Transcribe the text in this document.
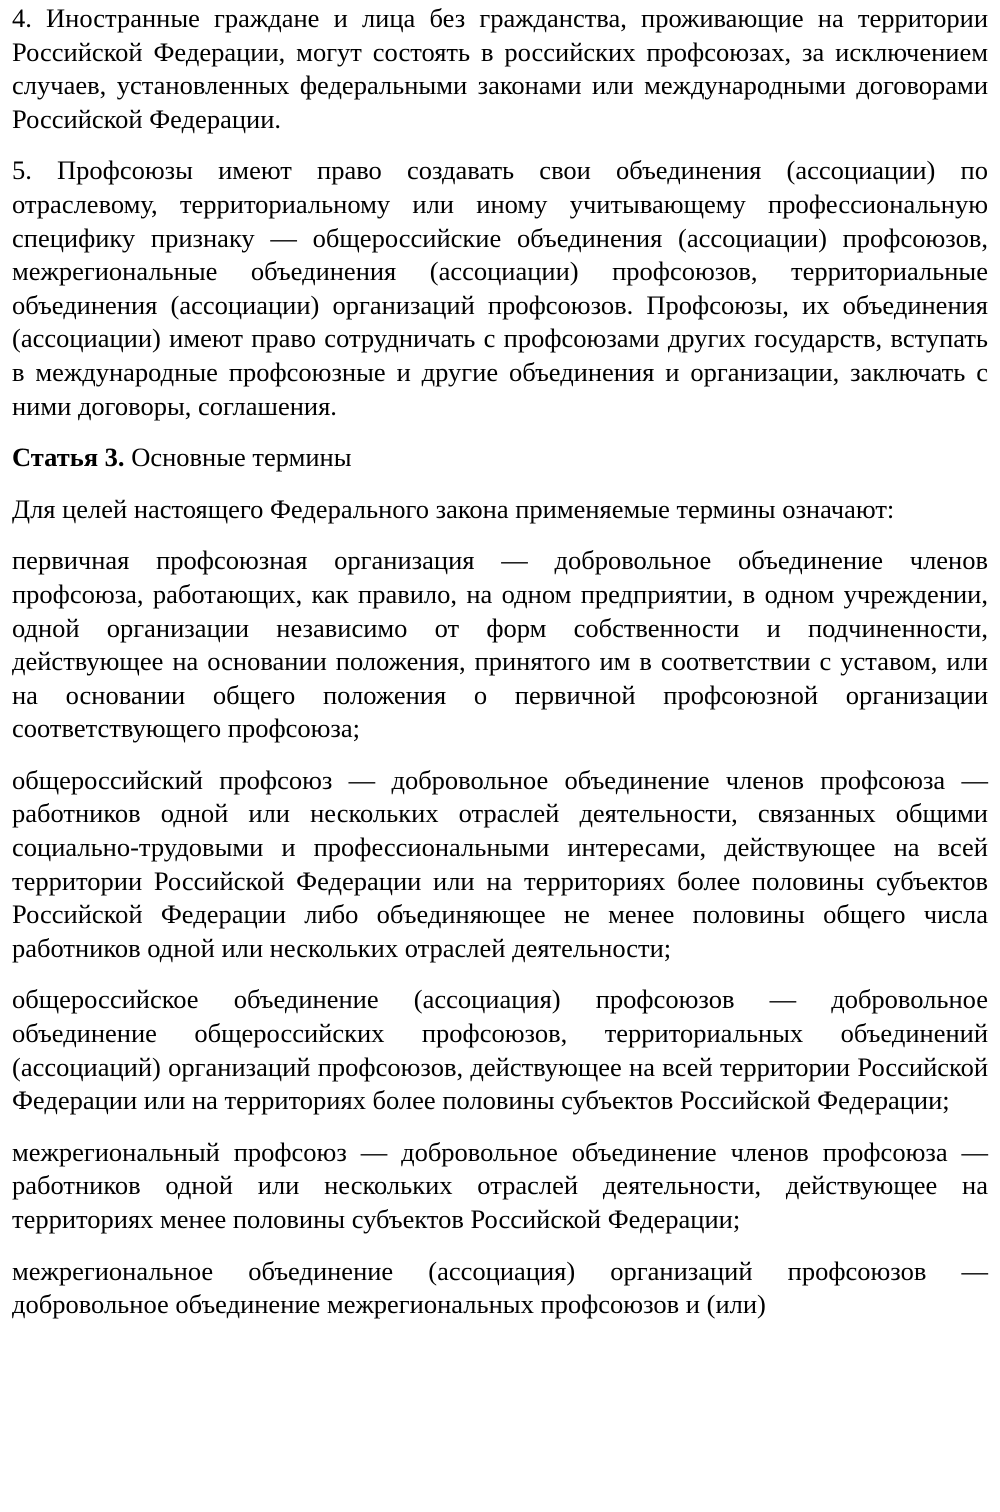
4. Иностранные граждане и лица без гражданства, проживающие на территории Российской Федерации, могут состоять в российских профсоюзах, за исключением случаев, установленных федеральными законами или международными договорами Российской Федерации.

5. Профсоюзы имеют право создавать свои объединения (ассоциации) по отраслевому, территориальному или иному учитывающему профессиональную специфику признаку — общероссийские объединения (ассоциации) профсоюзов, межрегиональные объединения (ассоциации) профсоюзов, территориальные объединения (ассоциации) организаций профсоюзов. Профсоюзы, их объединения (ассоциации) имеют право сотрудничать с профсоюзами других государств, вступать в международные профсоюзные и другие объединения и организации, заключать с ними договоры, соглашения.

Статья 3. Основные термины

Для целей настоящего Федерального закона применяемые термины означают:

первичная профсоюзная организация — добровольное объединение членов профсоюза, работающих, как правило, на одном предприятии, в одном учреждении, одной организации независимо от форм собственности и подчиненности, действующее на основании положения, принятого им в соответствии с уставом, или на основании общего положения о первичной профсоюзной организации соответствующего профсоюза;

общероссийский профсоюз — добровольное объединение членов профсоюза — работников одной или нескольких отраслей деятельности, связанных общими социально-трудовыми и профессиональными интересами, действующее на всей территории Российской Федерации или на территориях более половины субъектов Российской Федерации либо объединяющее не менее половины общего числа работников одной или нескольких отраслей деятельности;

общероссийское объединение (ассоциация) профсоюзов — добровольное объединение общероссийских профсоюзов, территориальных объединений (ассоциаций) организаций профсоюзов, действующее на всей территории Российской Федерации или на территориях более половины субъектов Российской Федерации;

межрегиональный профсоюз — добровольное объединение членов профсоюза — работников одной или нескольких отраслей деятельности, действующее на территориях менее половины субъектов Российской Федерации;

межрегиональное объединение (ассоциация) организаций профсоюзов — добровольное объединение межрегиональных профсоюзов и (или)
